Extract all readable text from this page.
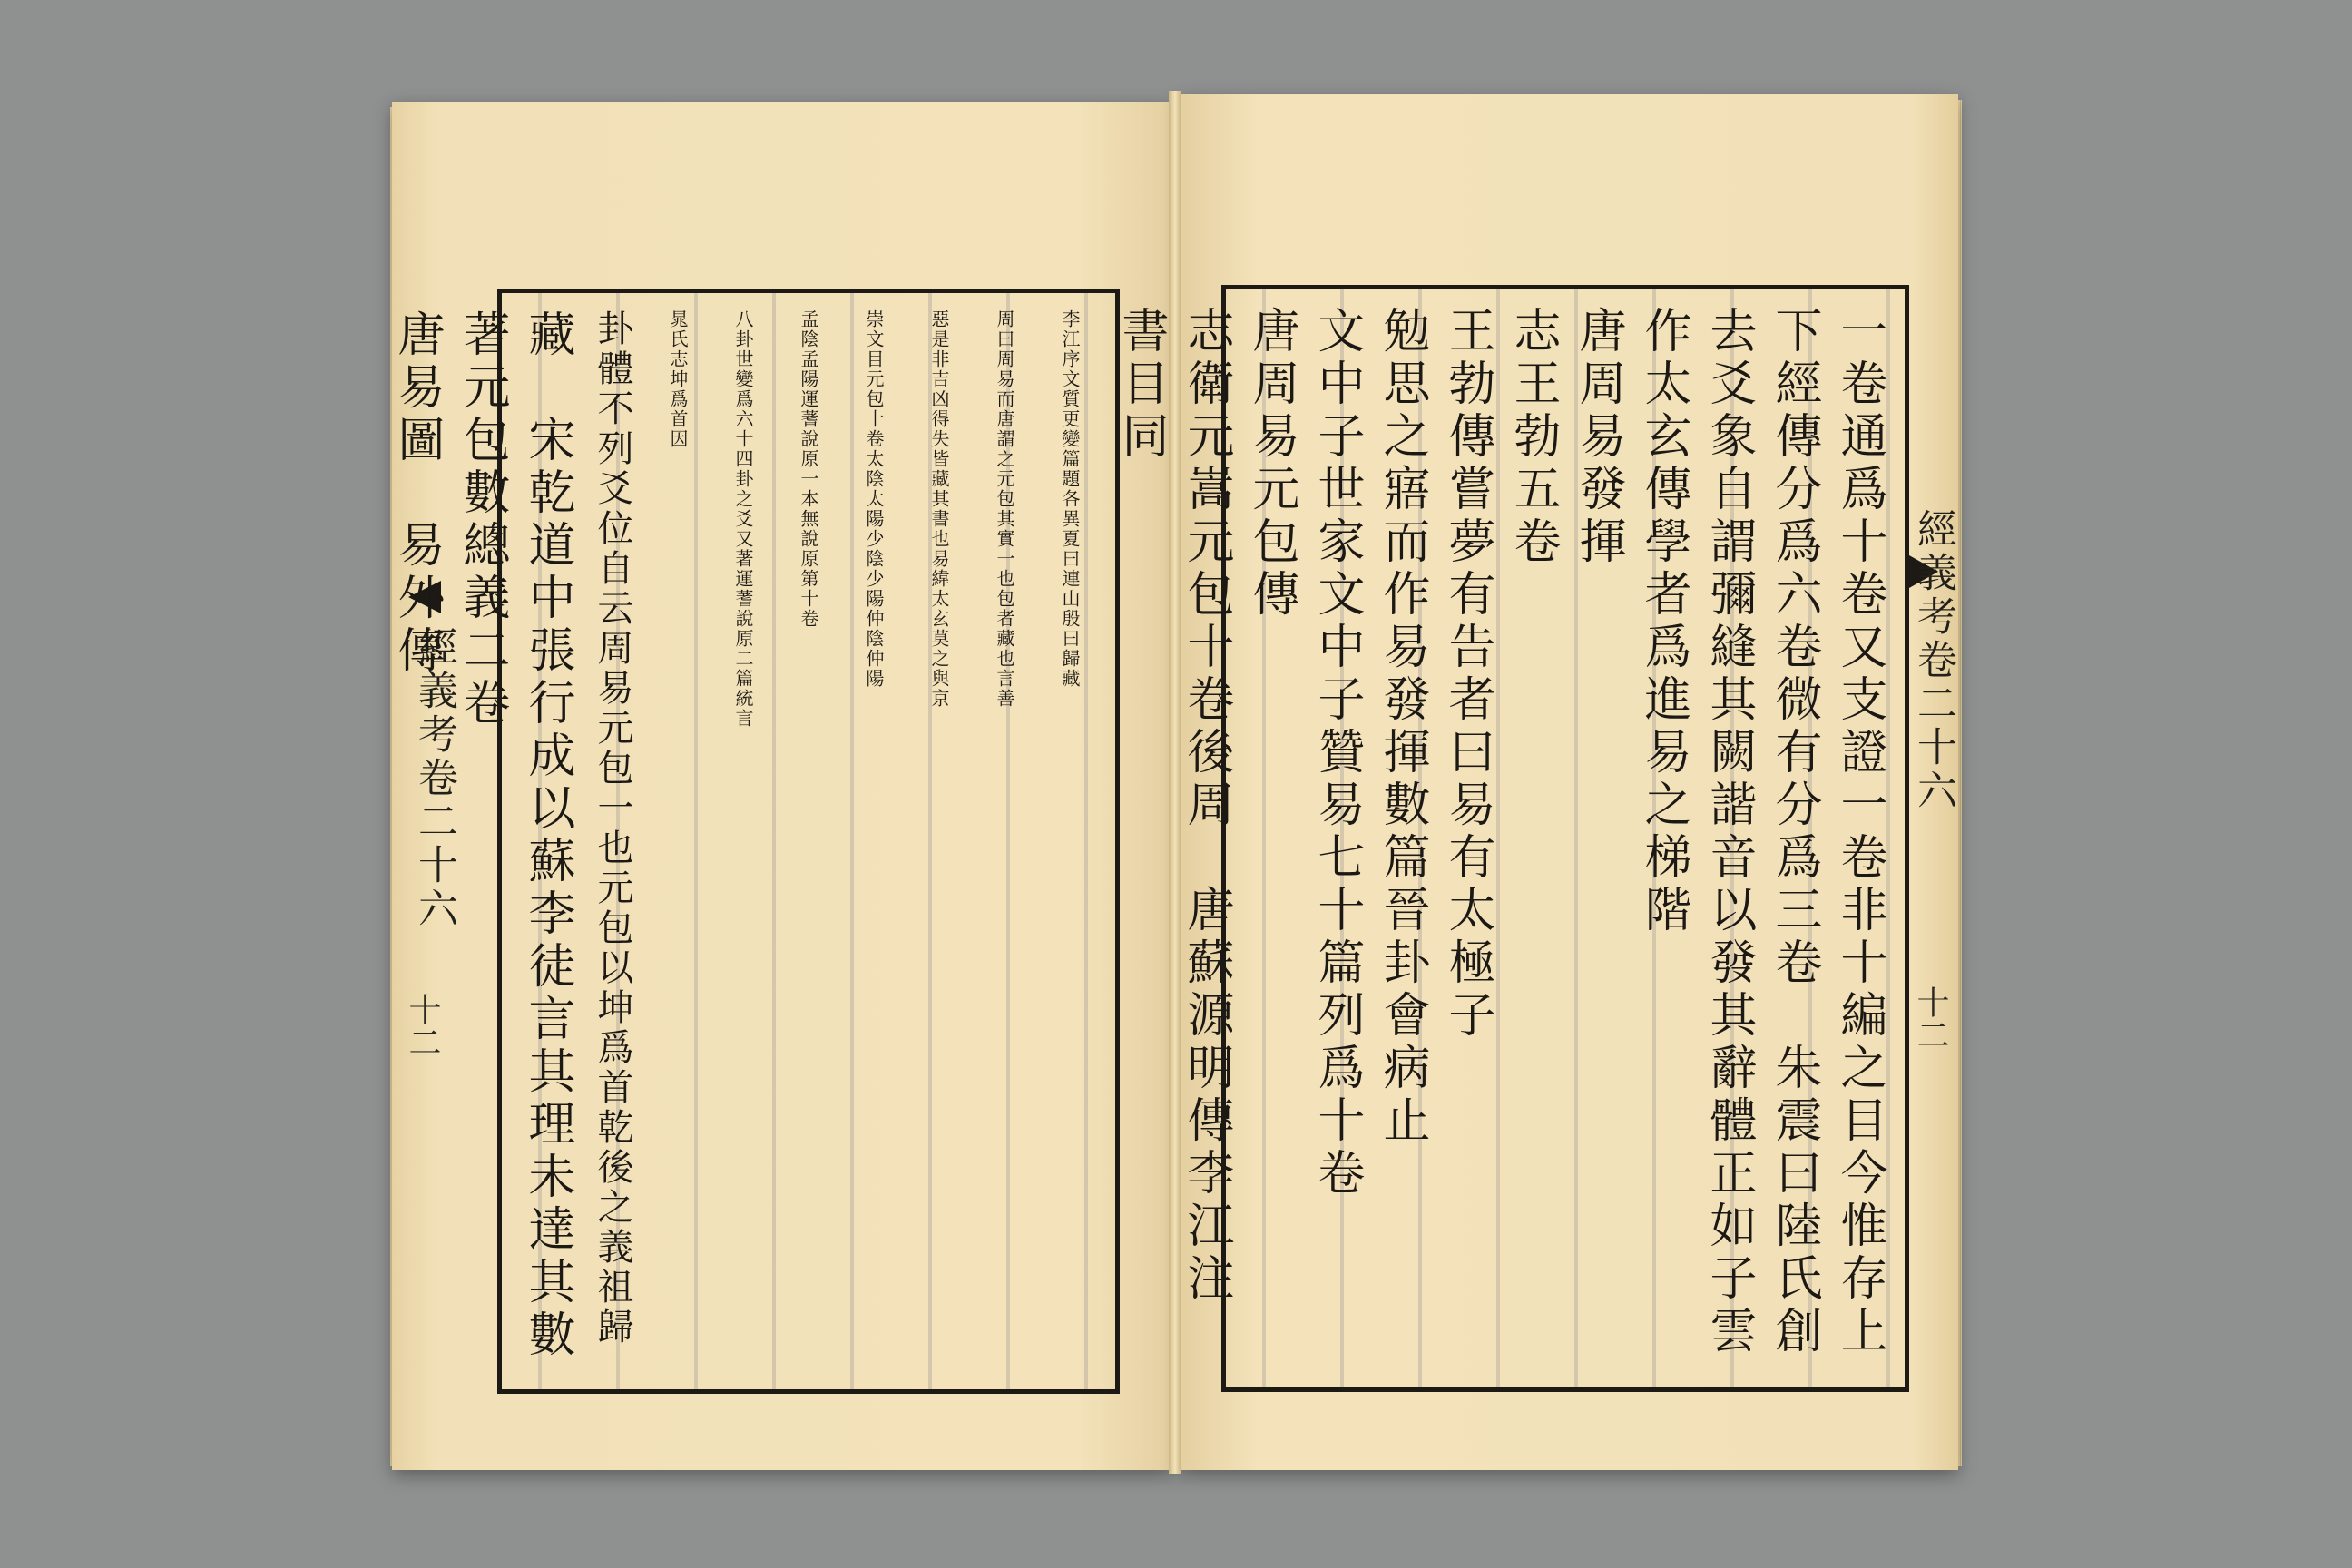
經義考卷二十六
十二
李江序文質更變篇題各異夏曰連山殷曰歸藏
周曰周易而唐謂之元包其實一也包者藏也言善
惡是非吉凶得失皆藏其書也易緯太玄莫之與京
崇文目元包十卷太陰太陽少陰少陽仲陰仲陽
孟陰孟陽運蓍說原一本無說原第十卷
八卦世變爲六十四卦之爻又著運蓍說原二篇統言
晁氏志坤爲首因
卦體不列爻位自云周易元包一也元包以坤爲首乾後之義祖歸
藏　宋乾道中張行成以蘇李徒言其理未達其數
著元包數總義二卷
唐易圖　易外傳	一卷通爲十卷又支證一卷非十編之目今惟存上
下經傳分爲六卷微有分爲三卷　朱震曰陸氏創
去爻象自謂彌縫其闕諧音以發其辭體正如子雲
作太玄傳學者爲進易之梯階
唐周易發揮
志王勃五卷
王勃傳嘗夢有告者曰易有太極子
勉思之寤而作易發揮數篇晉卦會病止
文中子世家文中子贊易七十篇列爲十卷
唐周易元包傳
志衛元嵩元包十卷後周　唐蘇源明傳李江注
書目同
經義考卷二十六
十二
